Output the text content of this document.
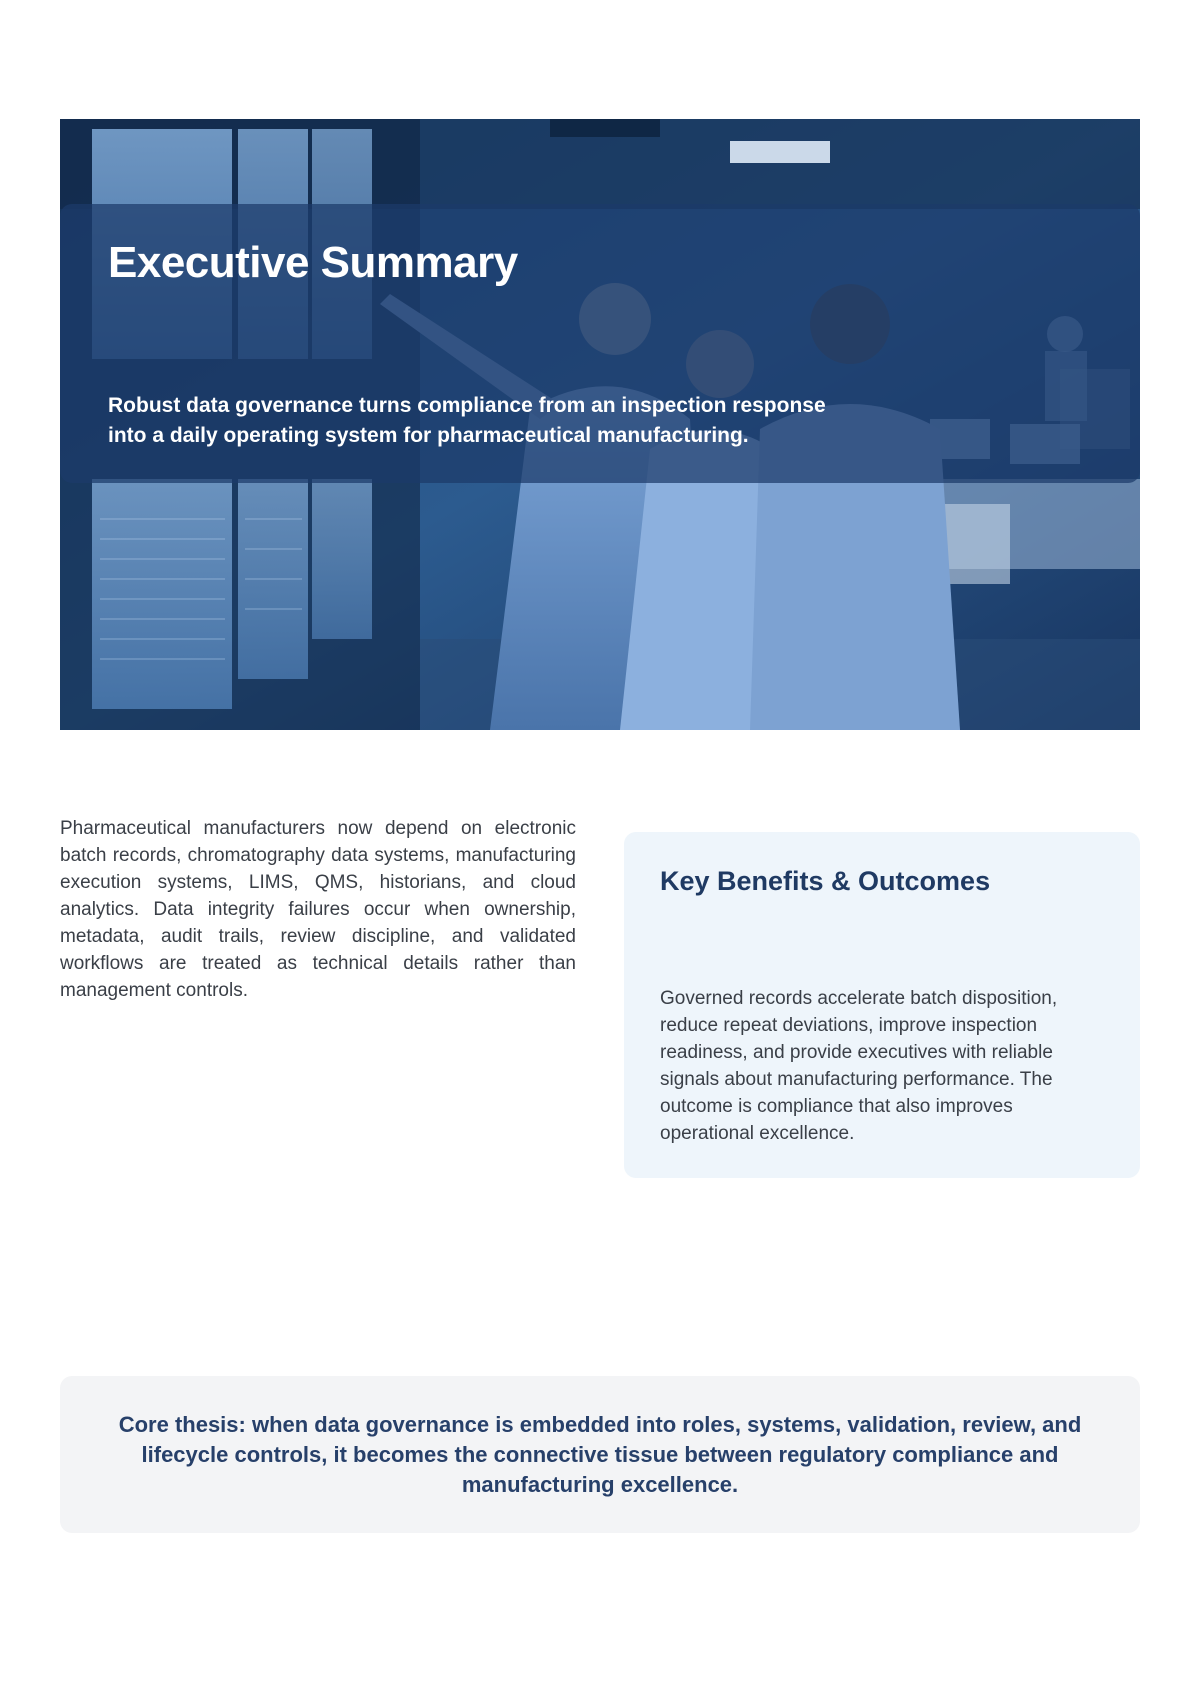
Executive Summary

Robust data governance turns compliance from an inspection response into a daily operating system for pharmaceutical manufacturing.

Pharmaceutical manufacturers now depend on electronic batch records, chromatography data systems, manufacturing execution systems, LIMS, QMS, historians, and cloud analytics. Data integrity failures occur when ownership, metadata, audit trails, review discipline, and validated workflows are treated as technical details rather than management controls.

Key Benefits & Outcomes

Governed records accelerate batch disposition, reduce repeat deviations, improve inspection readiness, and provide executives with reliable signals about manufacturing performance. The outcome is compliance that also improves operational excellence.

Core thesis: when data governance is embedded into roles, systems, validation, review, and lifecycle controls, it becomes the connective tissue between regulatory compliance and manufacturing excellence.
